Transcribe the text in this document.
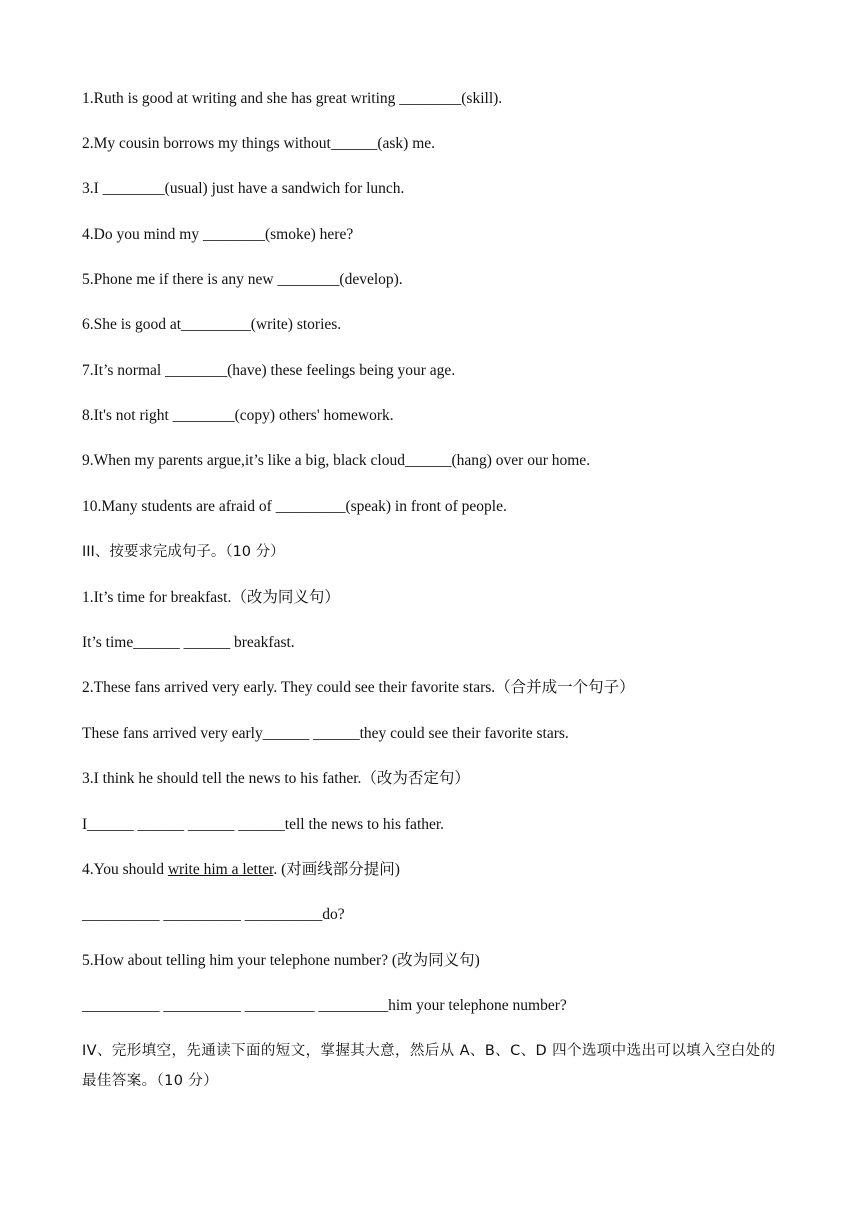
1.Ruth is good at writing and she has great writing ________(skill).
2.My cousin borrows my things without______(ask) me.
3.I ________(usual) just have a sandwich for lunch.
4.Do you mind my ________(smoke) here?
5.Phone me if there is any new ________(develop).
6.She is good at_________(write) stories.
7.It’s normal ________(have) these feelings being your age.
8.It's not right ________(copy) others' homework.
9.When my parents argue,it’s like a big, black cloud______(hang) over our home.
10.Many students are afraid of _________(speak) in front of people.
III、按要求完成句子。（10 分）
1.It’s time for breakfast.（改为同义句）
It’s time______ ______ breakfast.
2.These fans arrived very early. They could see their favorite stars.（合并成一个句子）
These fans arrived very early______ ______they could see their favorite stars.
3.I think he should tell the news to his father.（改为否定句）
I______ ______ ______ ______tell the news to his father.
4.You should write him a letter. (对画线部分提问)
__________ __________ __________do?
5.How about telling him your telephone number? (改为同义句)
__________ __________ _________ _________him your telephone number?
IV、完形填空，先通读下面的短文，掌握其大意，然后从 A、B、C、D 四个选项中选出可以填入空白处的最佳答案。（10 分）
